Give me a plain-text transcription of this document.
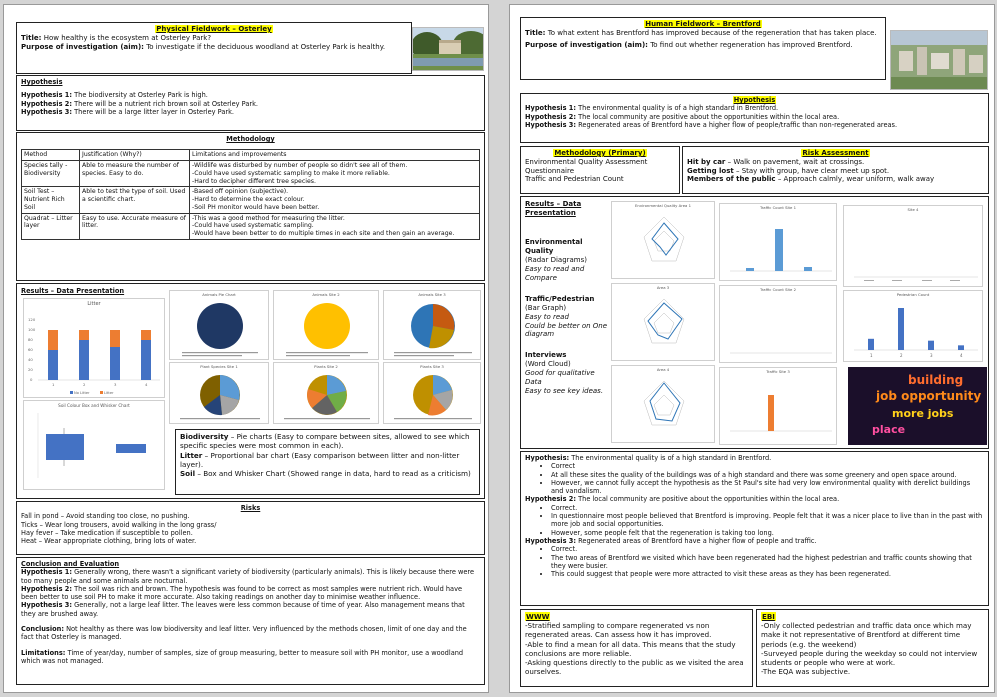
Physical Fieldwork – Osterley

Title: How healthy is the ecosystem at Osterley Park?

Purpose of investigation (aim): To investigate if the deciduous woodland at Osterley Park is healthy.

Hypothesis

Hypothesis 1: The biodiversity at Osterley Park is high.

Hypothesis 2: There will be a nutrient rich brown soil at Osterley Park.

Hypothesis 3: There will be a large litter layer in Osterley Park.

Methodology

Method	Justification (Why?)	Limitations and improvements
Species tally - Biodiversity	Able to measure the number of species. Easy to do.	-Wildlife was disturbed by number of people so didn't see all of them.

-Could have used systematic sampling to make it more reliable.

-Hard to decipher different tree species.

Soil Test – Nutrient Rich Soil	Able to test the type of soil. Used a scientific chart.	-Based off opinion (subjective).

-Hard to determine the exact colour.

-Soil PH monitor would have been better.

Quadrat – Litter layer	Easy to use. Accurate measure of litter.	-This was a good method for measuring the litter.

-Could have used systematic sampling.

-Would have been better to do multiple times in each site and then gain an average.

Results – Data Presentation

Litter
120
100
80
60
40
20
0
1	2	3	4
No Litter	Litter
Soil Colour Box and Whisker Chart
Animals Pie Chart	Animals Site 2	Animals Site 3
Plant Species Site 1	Plants Site 2	Plants Site 3

Biodiversity – Pie charts (Easy to compare between sites, allowed to see which specific species were most common in each).

Litter – Proportional bar chart (Easy comparison between litter and non-litter layer).

Soil – Box and Whisker Chart (Showed range in data, hard to read as a criticism)

Risks

Fall in pond – Avoid standing too close, no pushing.

Ticks – Wear long trousers, avoid walking in the long grass/

Hay fever – Take medication if susceptible to pollen.

Heat – Wear appropriate clothing, bring lots of water.

Conclusion and Evaluation

Hypothesis 1: Generally wrong, there wasn't a significant variety of biodiversity (particularly animals). This is likely because there were too many people and some animals are nocturnal.

Hypothesis 2: The soil was rich and brown. The hypothesis was found to be correct as most samples were nutrient rich. Would have been better to use soil PH to make it more accurate. Also taking readings on another day to minimise weather influence.

Hypothesis 3: Generally, not a large leaf litter. The leaves were less common because of time of year. Also management means that they are brushed away.

Conclusion: Not healthy as there was low biodiversity and leaf litter. Very influenced by the methods chosen, limit of one day and the fact that Osterley is managed.

Limitations: Time of year/day, number of samples, size of group measuring, better to measure soil with PH monitor, use a woodland which was not managed.

Human Fieldwork – Brentford

Title: To what extent has Brentford has improved because of the regeneration that has taken place.

Purpose of investigation (aim): To find out whether regeneration has improved Brentford.

Hypothesis

Hypothesis 1: The environmental quality is of a high standard in Brentford.

Hypothesis 2: The local community are positive about the opportunities within the local area.

Hypothesis 3: Regenerated areas of Brentford have a higher flow of people/traffic than non-regenerated areas.

Methodology (Primary)

Environmental Quality Assessment

Questionnaire

Traffic and Pedestrian Count

Risk Assessment

Hit by car – Walk on pavement, wait at crossings.

Getting lost – Stay with group, have clear meet up spot.

Members of the public – Approach calmly, wear uniform, walk away

Results – Data Presentation

Environmental Quality

(Radar Diagrams)

Easy to read and Compare

Traffic/Pedestrian

(Bar Graph)

Easy to read

Could be better on One diagram

Interviews

(Word Cloud)

Good for qualitative Data

Easy to see key ideas.

Environmental Quality Area 1
Area 3
Area 4
Traffic Count Site 1
Traffic Count Site 2
Traffic Site 3
Site 4
Pedestrian Count
1	2	3	4
building
job opportunity
more jobs
place

Hypothesis: The environmental quality is of a high standard in Brentford.

• Correct
• At all these sites the quality of the buildings was of a high standard and there was some greenery and open space around.
• However, we cannot fully accept the hypothesis as the St Paul's site had very low environmental quality with derelict buildings and vandalism.

Hypothesis 2: The local community are positive about the opportunities within the local area.

• Correct.
• In questionnaire most people believed that Brentford is improving. People felt that it was a nicer place to live than in the past with more job and social opportunities.
• However, some people felt that the regeneration is taking too long.

Hypothesis 3: Regenerated areas of Brentford have a higher flow of people and traffic.

• Correct.
• The two areas of Brentford we visited which have been regenerated had the highest pedestrian and traffic counts showing that they were busier.
• This could suggest that people were more attracted to visit these areas as they has been regenerated.

WWW

-Stratified sampling to compare regenerated vs non regenerated areas. Can assess how it has improved.

-Able to find a mean for all data. This means that the study conclusions are more reliable.

-Asking questions directly to the public as we visited the area ourselves.

EBI

-Only collected pedestrian and traffic data once which may make it not representative of Brentford at different time periods (e.g. the weekend)

-Surveyed people during the weekday so could not interview students or people who were at work.

-The EQA was subjective.
